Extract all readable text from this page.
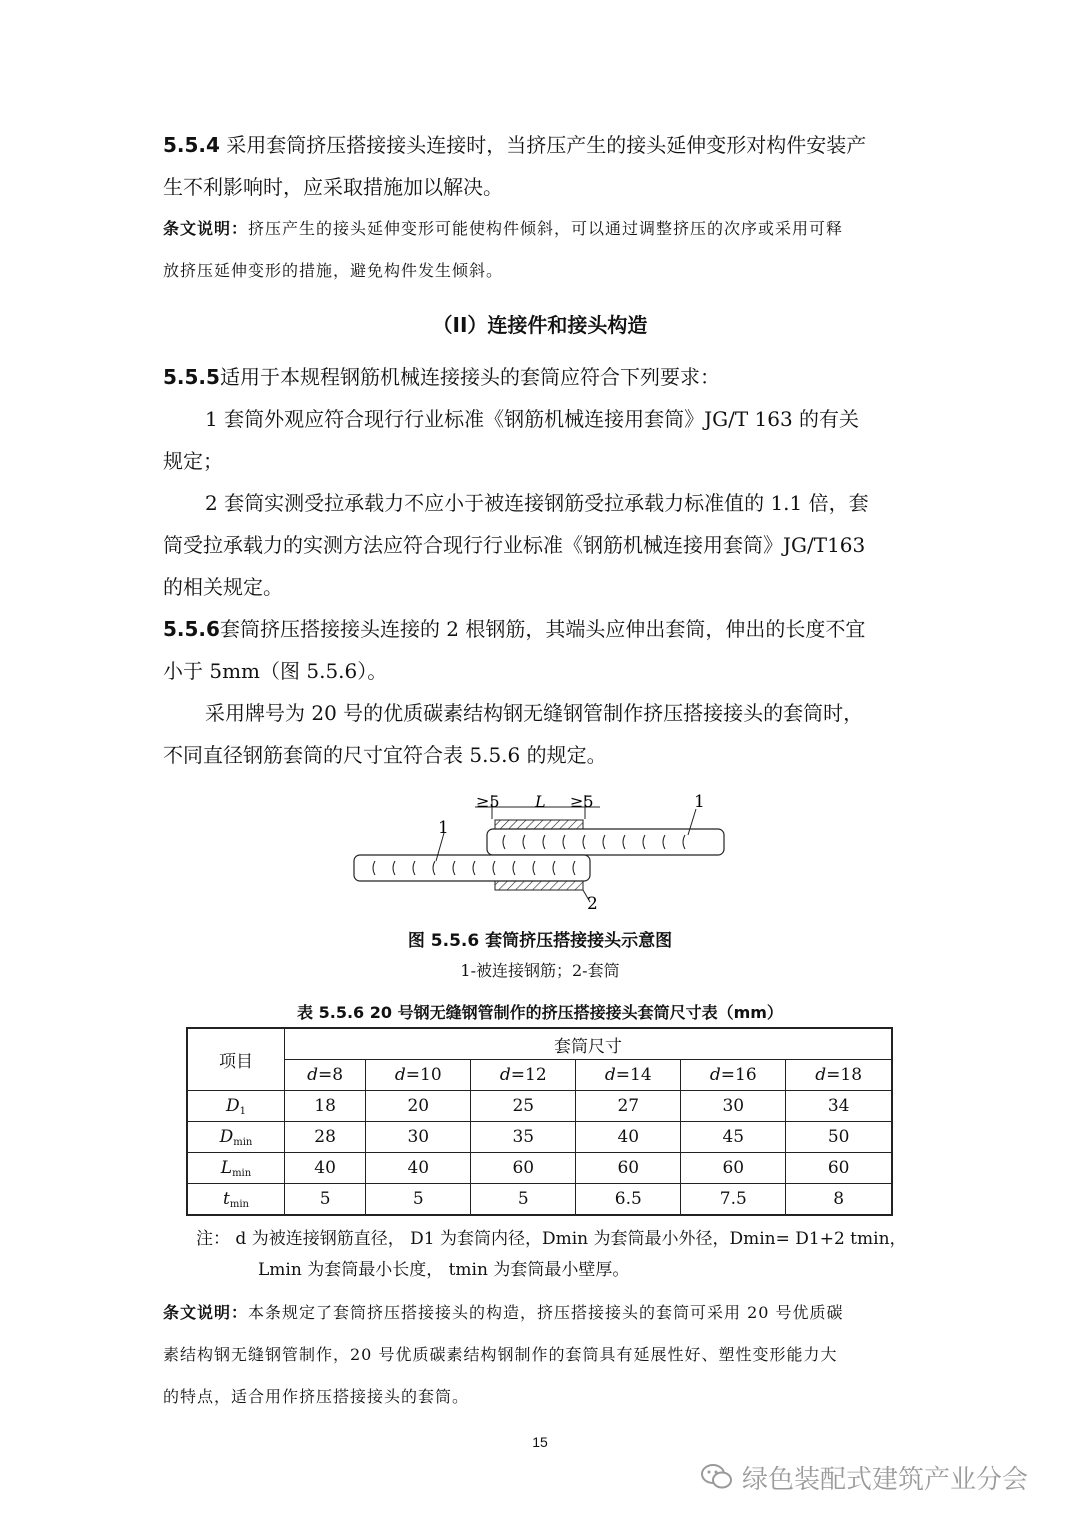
5.5.4 采用套筒挤压搭接接头连接时，当挤压产生的接头延伸变形对构件安装产

生不利影响时，应采取措施加以解决。

条文说明：挤压产生的接头延伸变形可能使构件倾斜，可以通过调整挤压的次序或采用可释

放挤压延伸变形的措施，避免构件发生倾斜。

（II）连接件和接头构造

5.5.5适用于本规程钢筋机械连接接头的套筒应符合下列要求：

1 套筒外观应符合现行行业标准《钢筋机械连接用套筒》JG/T 163 的有关

规定；

2 套筒实测受拉承载力不应小于被连接钢筋受拉承载力标准值的 1.1 倍，套

筒受拉承载力的实测方法应符合现行行业标准《钢筋机械连接用套筒》JG/T163

的相关规定。

5.5.6套筒挤压搭接接头连接的 2 根钢筋，其端头应伸出套筒，伸出的长度不宜

小于 5mm（图 5.5.6）。

采用牌号为 20 号的优质碳素结构钢无缝钢管制作挤压搭接接头的套筒时，

不同直径钢筋套筒的尺寸宜符合表 5.5.6 的规定。

≥5 L ≥5
1
1
2

图 5.5.6 套筒挤压搭接接头示意图

1-被连接钢筋；2-套筒

表 5.5.6 20 号钢无缝钢管制作的挤压搭接接头套筒尺寸表（mm）

项目	套筒尺寸					
	d=8	d=10	d=12	d=14	d=16	d=18
$D_1$	18	20	25	27	30	34
$D_{min}$	28	30	35	40	45	50
$L_{min}$	40	40	60	60	60	60
$t_{min}$	5	5	5	6.5	7.5	8

注： d 为被连接钢筋直径， D1 为套筒内径，Dmin 为套筒最小外径，Dmin= D1+2 tmin，

Lmin 为套筒最小长度， tmin 为套筒最小壁厚。

条文说明：本条规定了套筒挤压搭接接头的构造，挤压搭接接头的套筒可采用 20 号优质碳

素结构钢无缝钢管制作，20 号优质碳素结构钢制作的套筒具有延展性好、塑性变形能力大

的特点，适合用作挤压搭接接头的套筒。

15
绿色装配式建筑产业分会
